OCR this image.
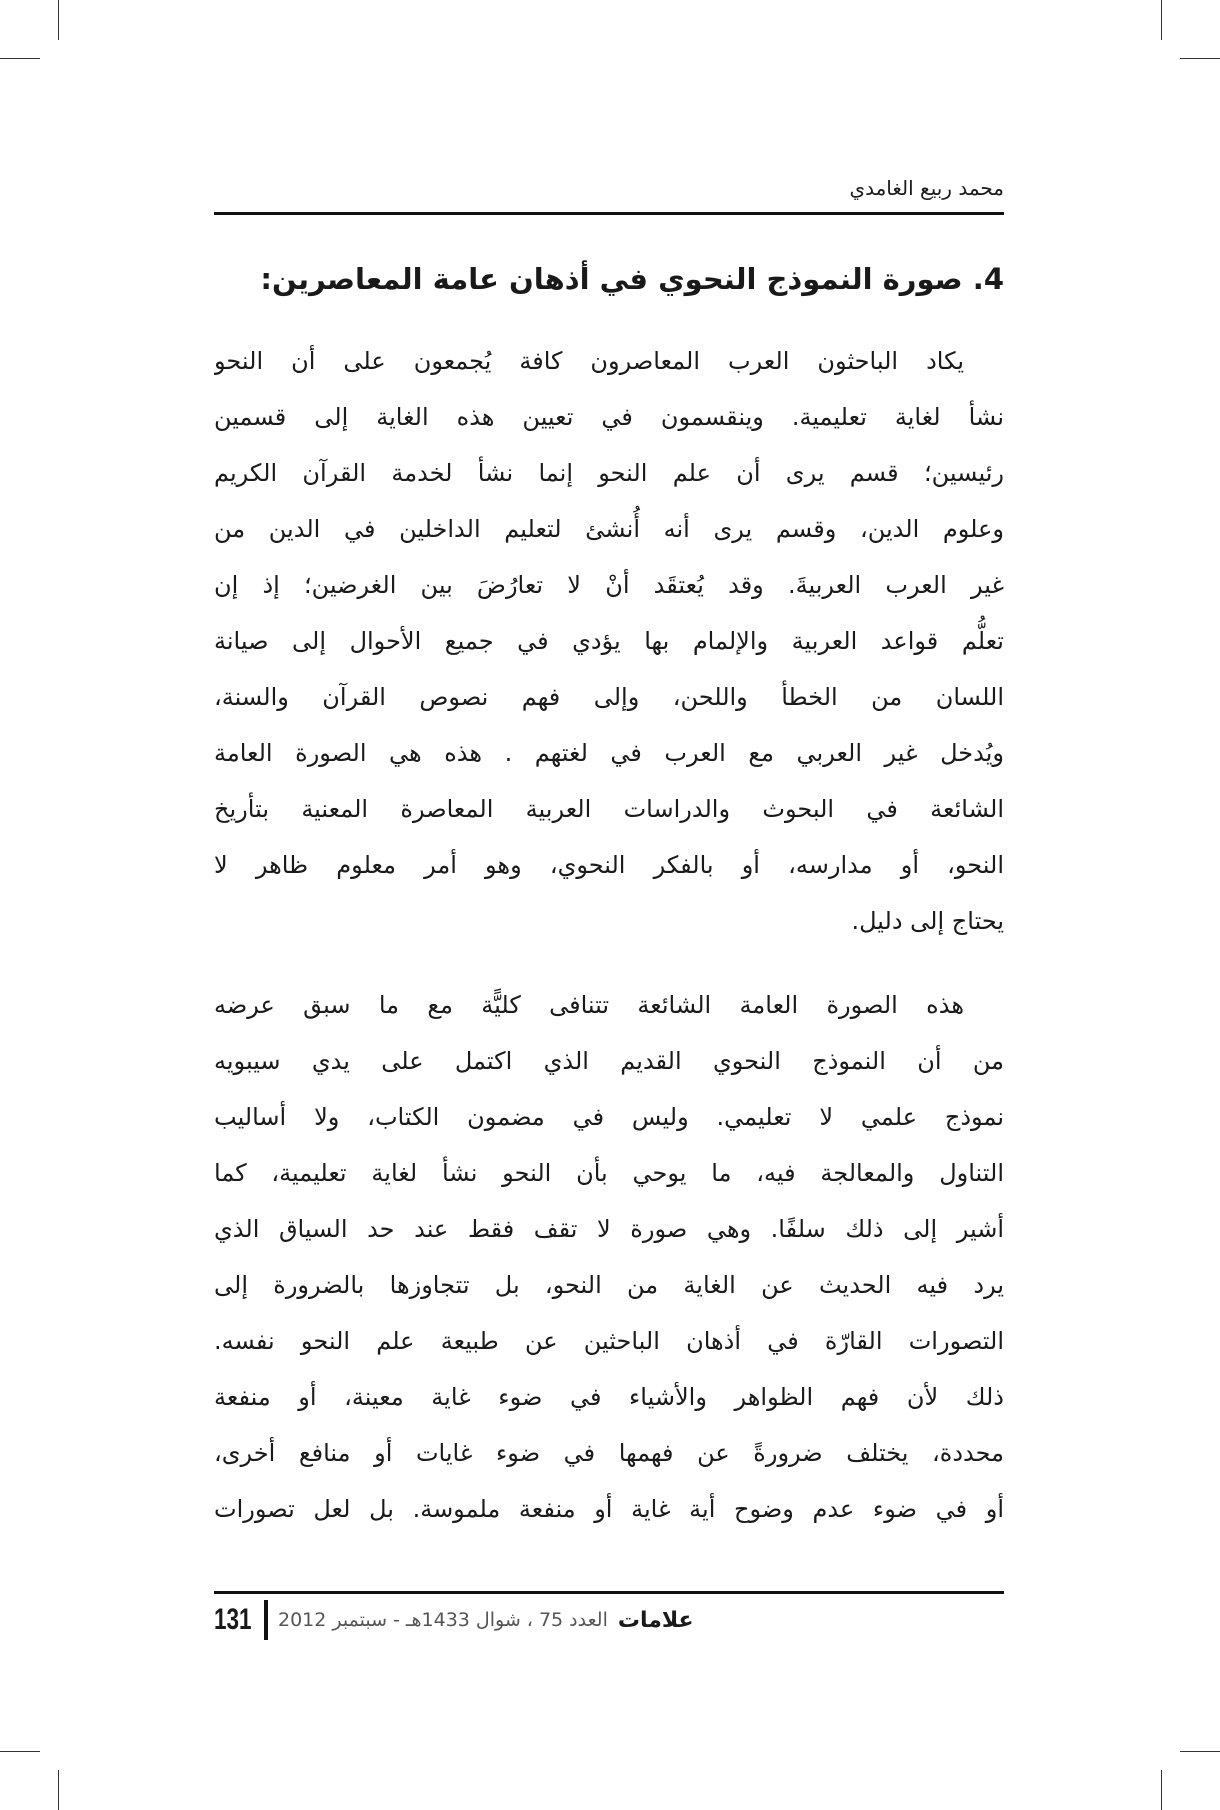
محمد ربيع الغامدي
4. صورة النموذج النحوي في أذهان عامة المعاصرين:
يكاد الباحثون العرب المعاصرون كافة يُجمعون على أن النحو
نشأ لغاية تعليمية. وينقسمون في تعيين هذه الغاية إلى قسمين
رئيسين؛ قسم يرى أن علم النحو إنما نشأ لخدمة القرآن الكريم
وعلوم الدين، وقسم يرى أنه أُنشئ لتعليم الداخلين في الدين من
غير العرب العربيةَ. وقد يُعتقَد أنْ لا تعارُضَ بين الغرضين؛ إذ إن
تعلُّم قواعد العربية والإلمام بها يؤدي في جميع الأحوال إلى صيانة
اللسان من الخطأ واللحن، وإلى فهم نصوص القرآن والسنة،
ويُدخل غير العربي مع العرب في لغتهم . هذه هي الصورة العامة
الشائعة في البحوث والدراسات العربية المعاصرة المعنية بتأريخ
النحو، أو مدارسه، أو بالفكر النحوي، وهو أمر معلوم ظاهر لا
يحتاج إلى دليل.
هذه الصورة العامة الشائعة تتنافى كليًّة مع ما سبق عرضه
من أن النموذج النحوي القديم الذي اكتمل على يدي سيبويه
نموذج علمي لا تعليمي. وليس في مضمون الكتاب، ولا أساليب
التناول والمعالجة فيه، ما يوحي بأن النحو نشأ لغاية تعليمية، كما
أشير إلى ذلك سلفًا. وهي صورة لا تقف فقط عند حد السياق الذي
يرد فيه الحديث عن الغاية من النحو، بل تتجاوزها بالضرورة إلى
التصورات القارّة في أذهان الباحثين عن طبيعة علم النحو نفسه.
ذلك لأن فهم الظواهر والأشياء في ضوء غاية معينة، أو منفعة
محددة، يختلف ضرورةً عن فهمها في ضوء غايات أو منافع أخرى،
أو في ضوء عدم وضوح أية غاية أو منفعة ملموسة. بل لعل تصورات
131 العدد 75 ، شوال 1433هـ - سبتمبر 2012 علامات
